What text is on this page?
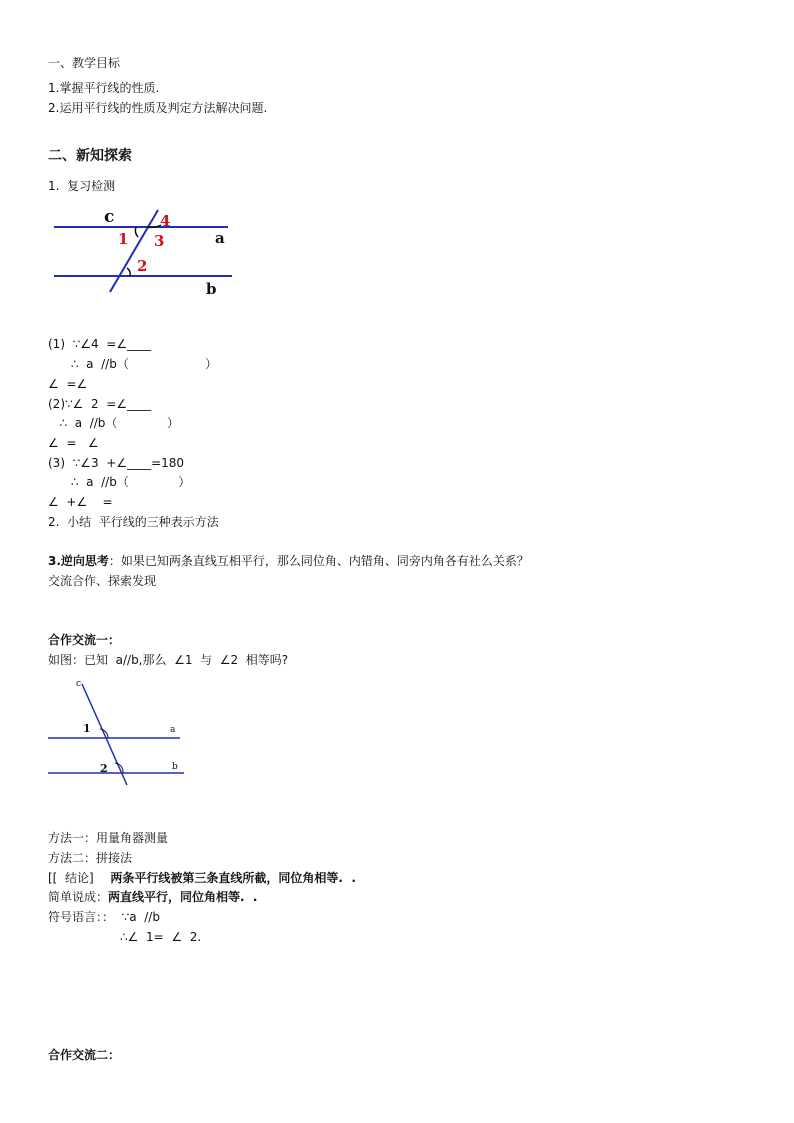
一、教学目标
1.掌握平行线的性质.
2.运用平行线的性质及判定方法解决问题.
二、新知探索
1.  复习检测
c	4
1 3	a
2
b
(1)  ∵∠4  =∠____
∴  a  //b（                    ）
∠  =∠
(2)∵∠  2  =∠____
∴  a  //b（             ）
∠  =   ∠
(3)  ∵∠3  +∠____=180
∴  a  //b（             ）
∠  +∠    =
2.  小结  平行线的三种表示方法
3.逆向思考：如果已知两条直线互相平行，那么同位角、内错角、同旁内角各有社么关系？
交流合作、探索发现
合作交流一：
如图：已知  a//b,那么  ∠1  与  ∠2  相等吗?
c
1	a
2	b
方法一：用量角器测量
方法二：拼接法
[[  结论]    两条平行线被第三条直线所截，同位角相等.  .
简单说成：两直线平行，同位角相等.  .
符号语言：：  ∵a  //b
∴∠  1=  ∠  2.
合作交流二：
